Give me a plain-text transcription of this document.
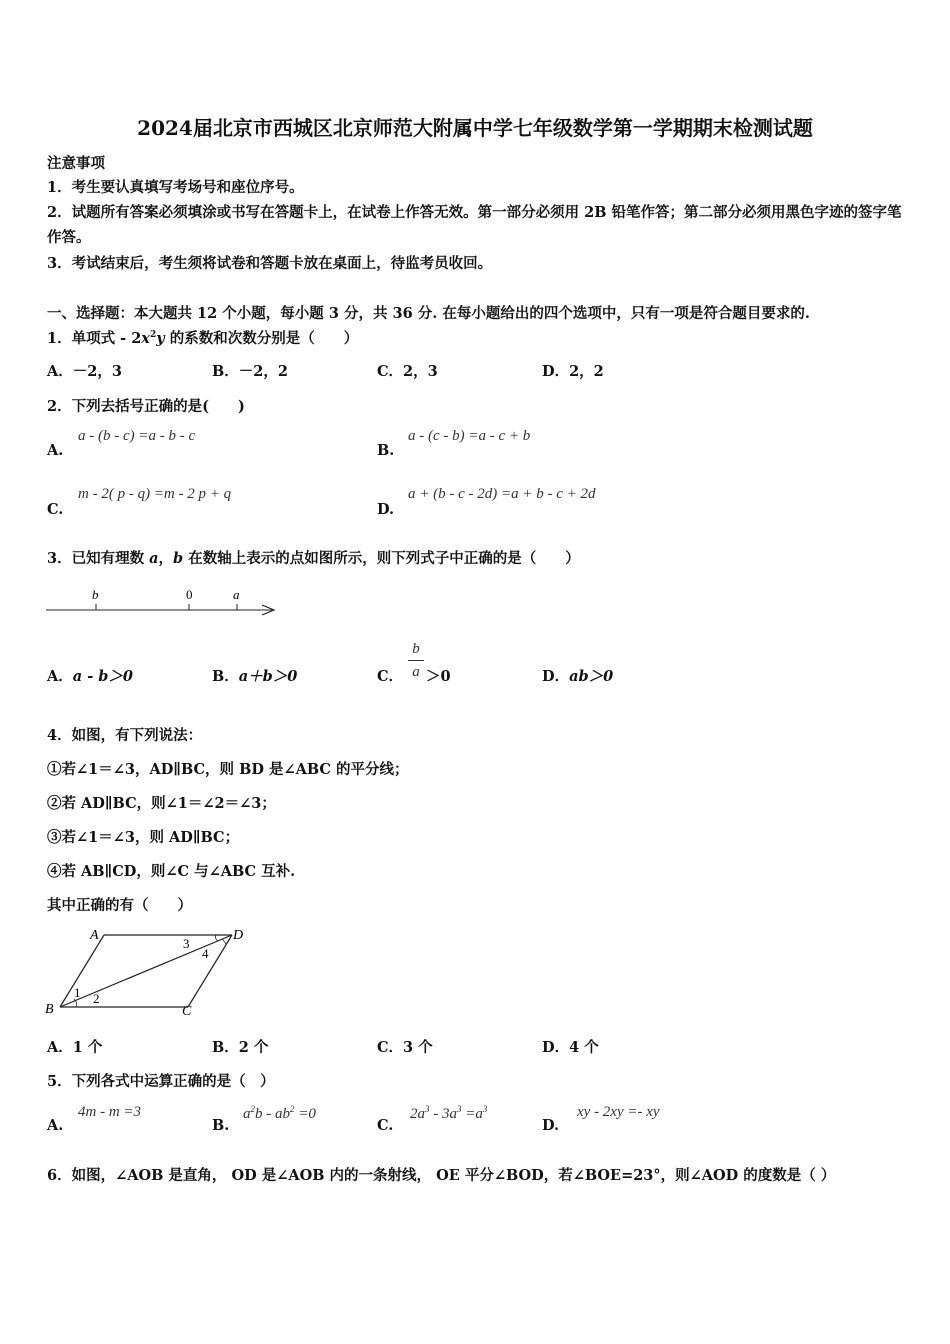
2024届北京市西城区北京师范大附属中学七年级数学第一学期期末检测试题
注意事项
1．考生要认真填写考场号和座位序号。
2．试题所有答案必须填涂或书写在答题卡上，在试卷上作答无效。第一部分必须用 2B 铅笔作答；第二部分必须用黑色字迹的签字笔作答。
3．考试结束后，考生须将试卷和答题卡放在桌面上，待监考员收回。
一、选择题：本大题共 12 个小题，每小题 3 分，共 36 分. 在每小题给出的四个选项中，只有一项是符合题目要求的.
1．单项式 - $2x^2y$ 的系数和次数分别是（　　）
A．－2，3	B．－2，2	C．2，3	D．2，2
2．下列去括号正确的是(　　)
A.
a - (b - c) =a - b - c
B.
a - (c - b) =a - c + b
C.
m - 2( p - q) =m - 2 p + q
D.
a + (b - c - 2d) =a + b - c + 2d
3．已知有理数 a，b 在数轴上表示的点如图所示，则下列式子中正确的是（　　）
b	0	a
A．a - b＞0	B．a＋b＞0	C．
b
a ＞0	D．ab＞0
4．如图，有下列说法：
①若∠1＝∠3，AD∥BC，则 BD 是∠ABC 的平分线；
②若 AD∥BC，则∠1＝∠2＝∠3；
③若∠1＝∠3，则 AD∥BC；
④若 AB∥CD，则∠C 与∠ABC 互补.
其中正确的有（　　）
A
B	C
D
1 2
3
4
A．1 个	B．2 个	C．3 个	D．4 个
5．下列各式中运算正确的是（　）
A.
4m - m =3
B.
$a^2b - ab^2 =0$
C.
$2a^3 - 3a^3 =a^3$
D.
xy - 2xy =- xy
6．如图，∠AOB 是直角， OD 是∠AOB 内的一条射线， OE 平分∠BOD，若∠BOE=23°，则∠AOD 的度数是（ ）
